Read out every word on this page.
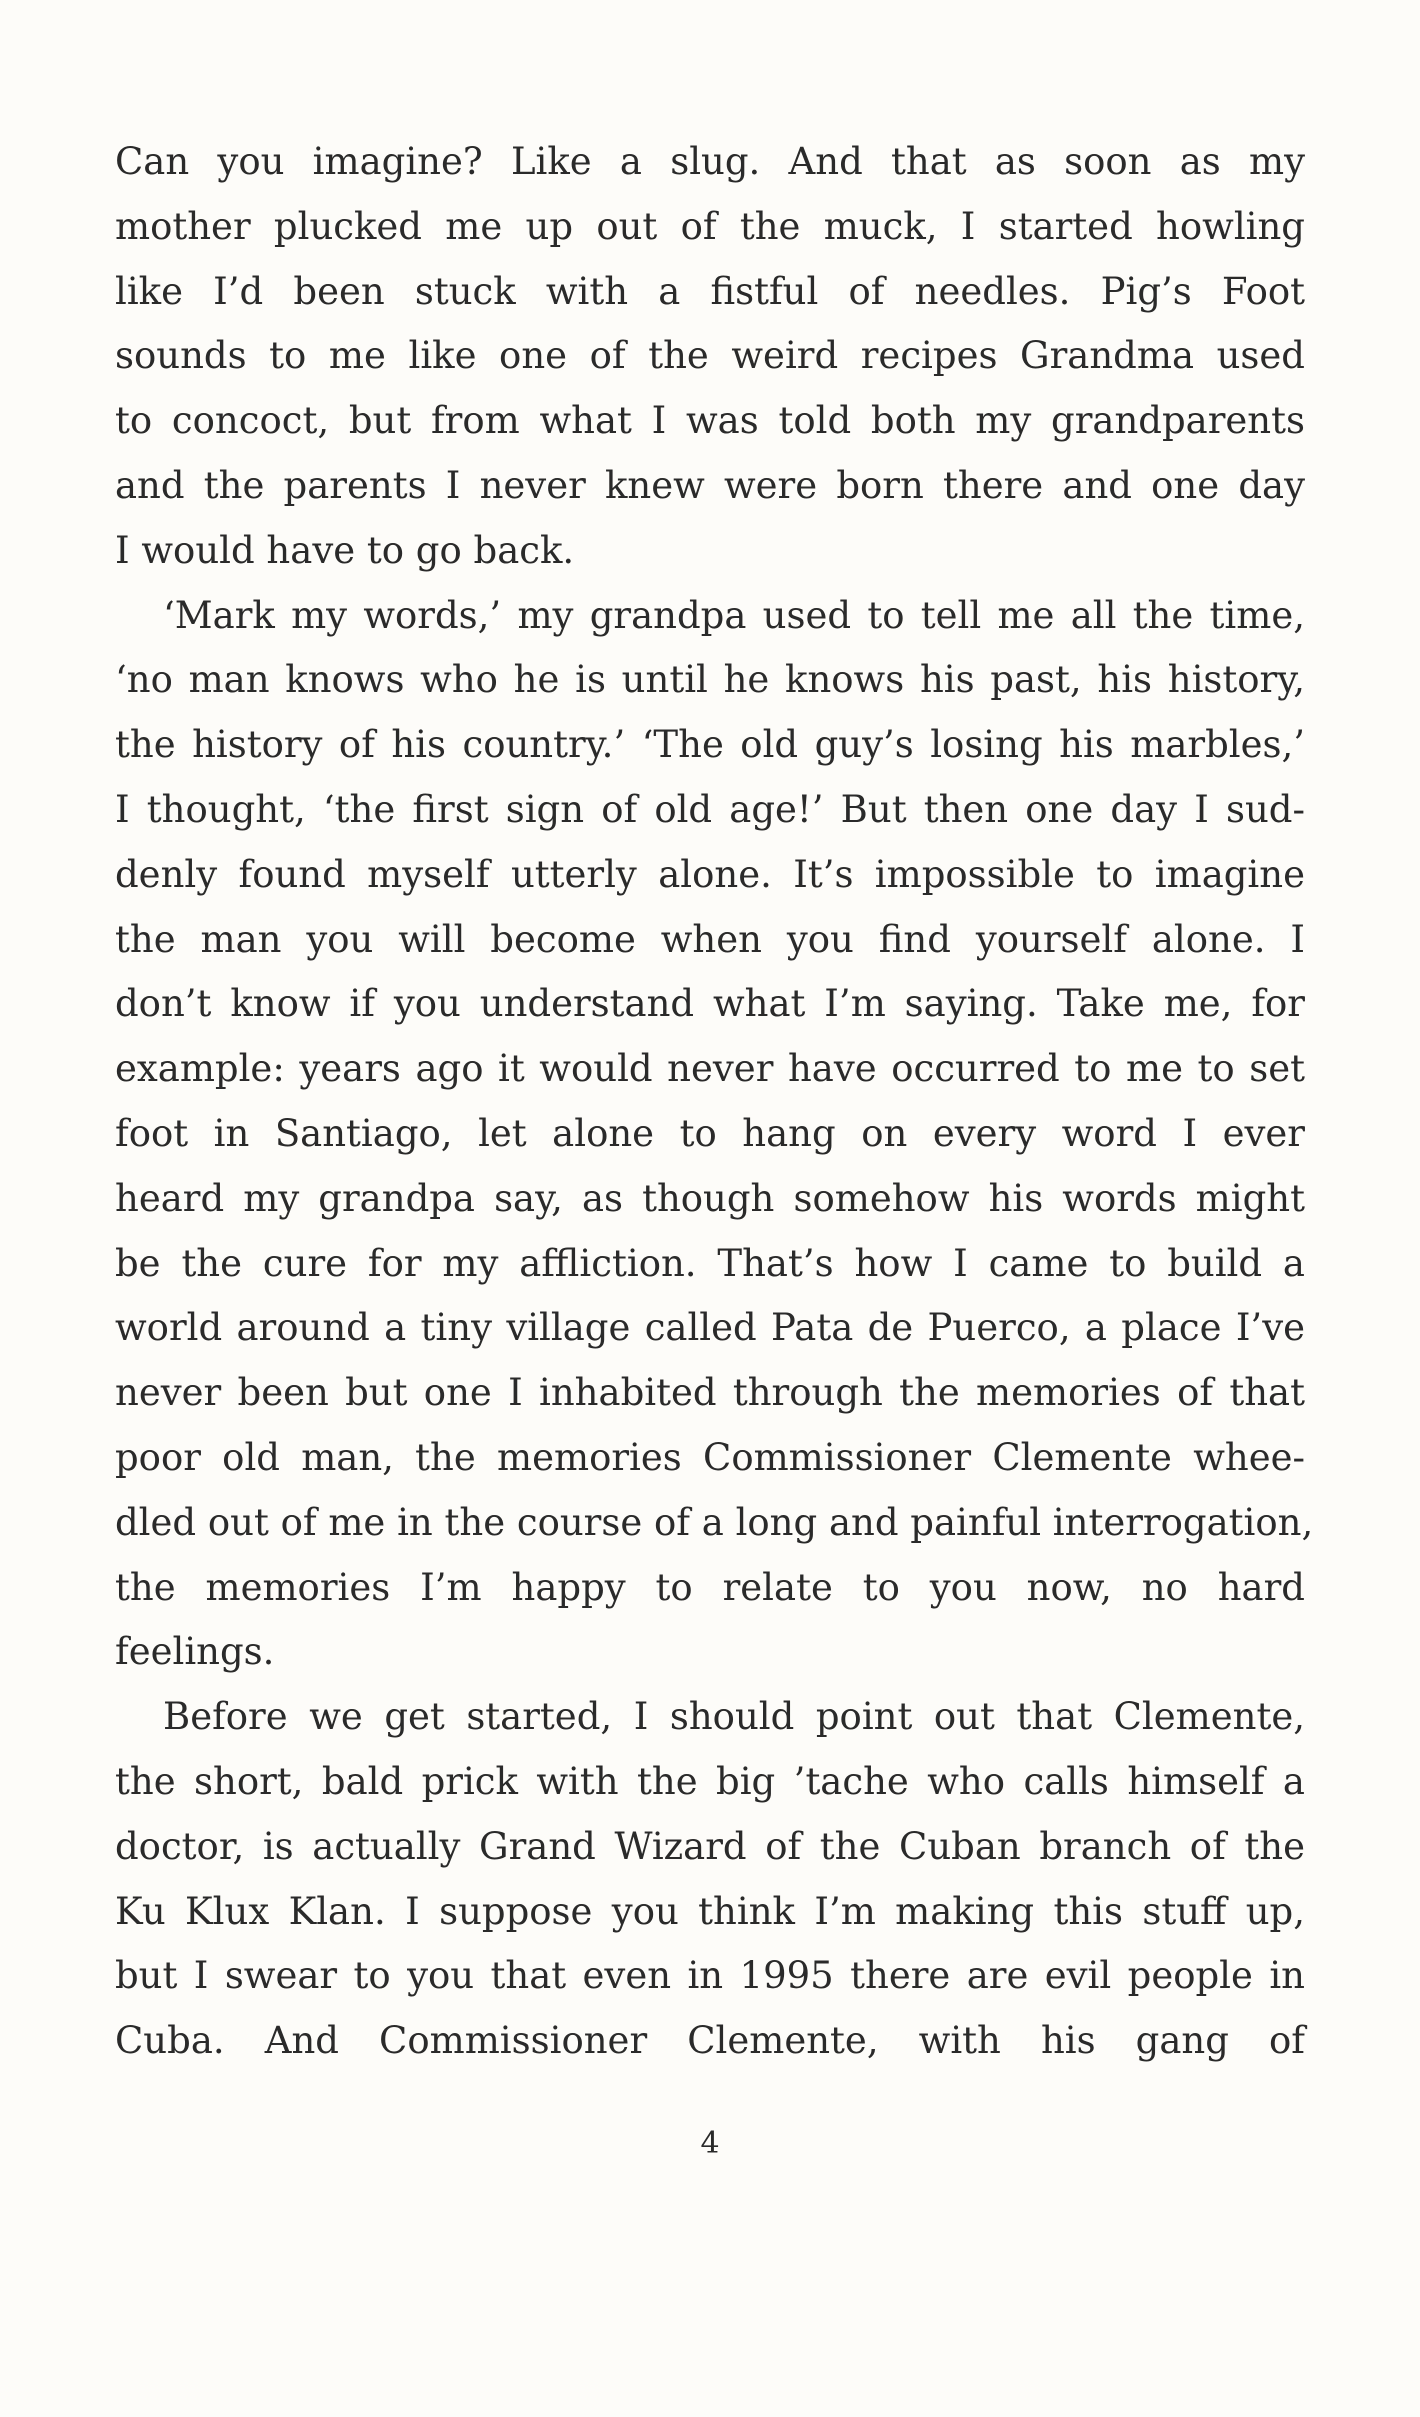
Can you imagine? Like a slug. And that as soon as my
mother plucked me up out of the muck, I started howling
like I’d been stuck with a fistful of needles. Pig’s Foot
sounds to me like one of the weird recipes Grandma used
to concoct, but from what I was told both my grandparents
and the parents I never knew were born there and one day
I would have to go back.
‘Mark my words,’ my grandpa used to tell me all the time,
‘no man knows who he is until he knows his past, his history,
the history of his country.’ ‘The old guy’s losing his marbles,’
I thought, ‘the first sign of old age!’ But then one day I sud-
denly found myself utterly alone. It’s impossible to imagine
the man you will become when you find yourself alone. I
don’t know if you understand what I’m saying. Take me, for
example: years ago it would never have occurred to me to set
foot in Santiago, let alone to hang on every word I ever
heard my grandpa say, as though somehow his words might
be the cure for my affliction. That’s how I came to build a
world around a tiny village called Pata de Puerco, a place I’ve
never been but one I inhabited through the memories of that
poor old man, the memories Commissioner Clemente whee-
dled out of me in the course of a long and painful interrogation,
the memories I’m happy to relate to you now, no hard
feelings.
Before we get started, I should point out that Clemente,
the short, bald prick with the big ’tache who calls himself a
doctor, is actually Grand Wizard of the Cuban branch of the
Ku Klux Klan. I suppose you think I’m making this stuff up,
but I swear to you that even in 1995 there are evil people in
Cuba. And Commissioner Clemente, with his gang of
4
